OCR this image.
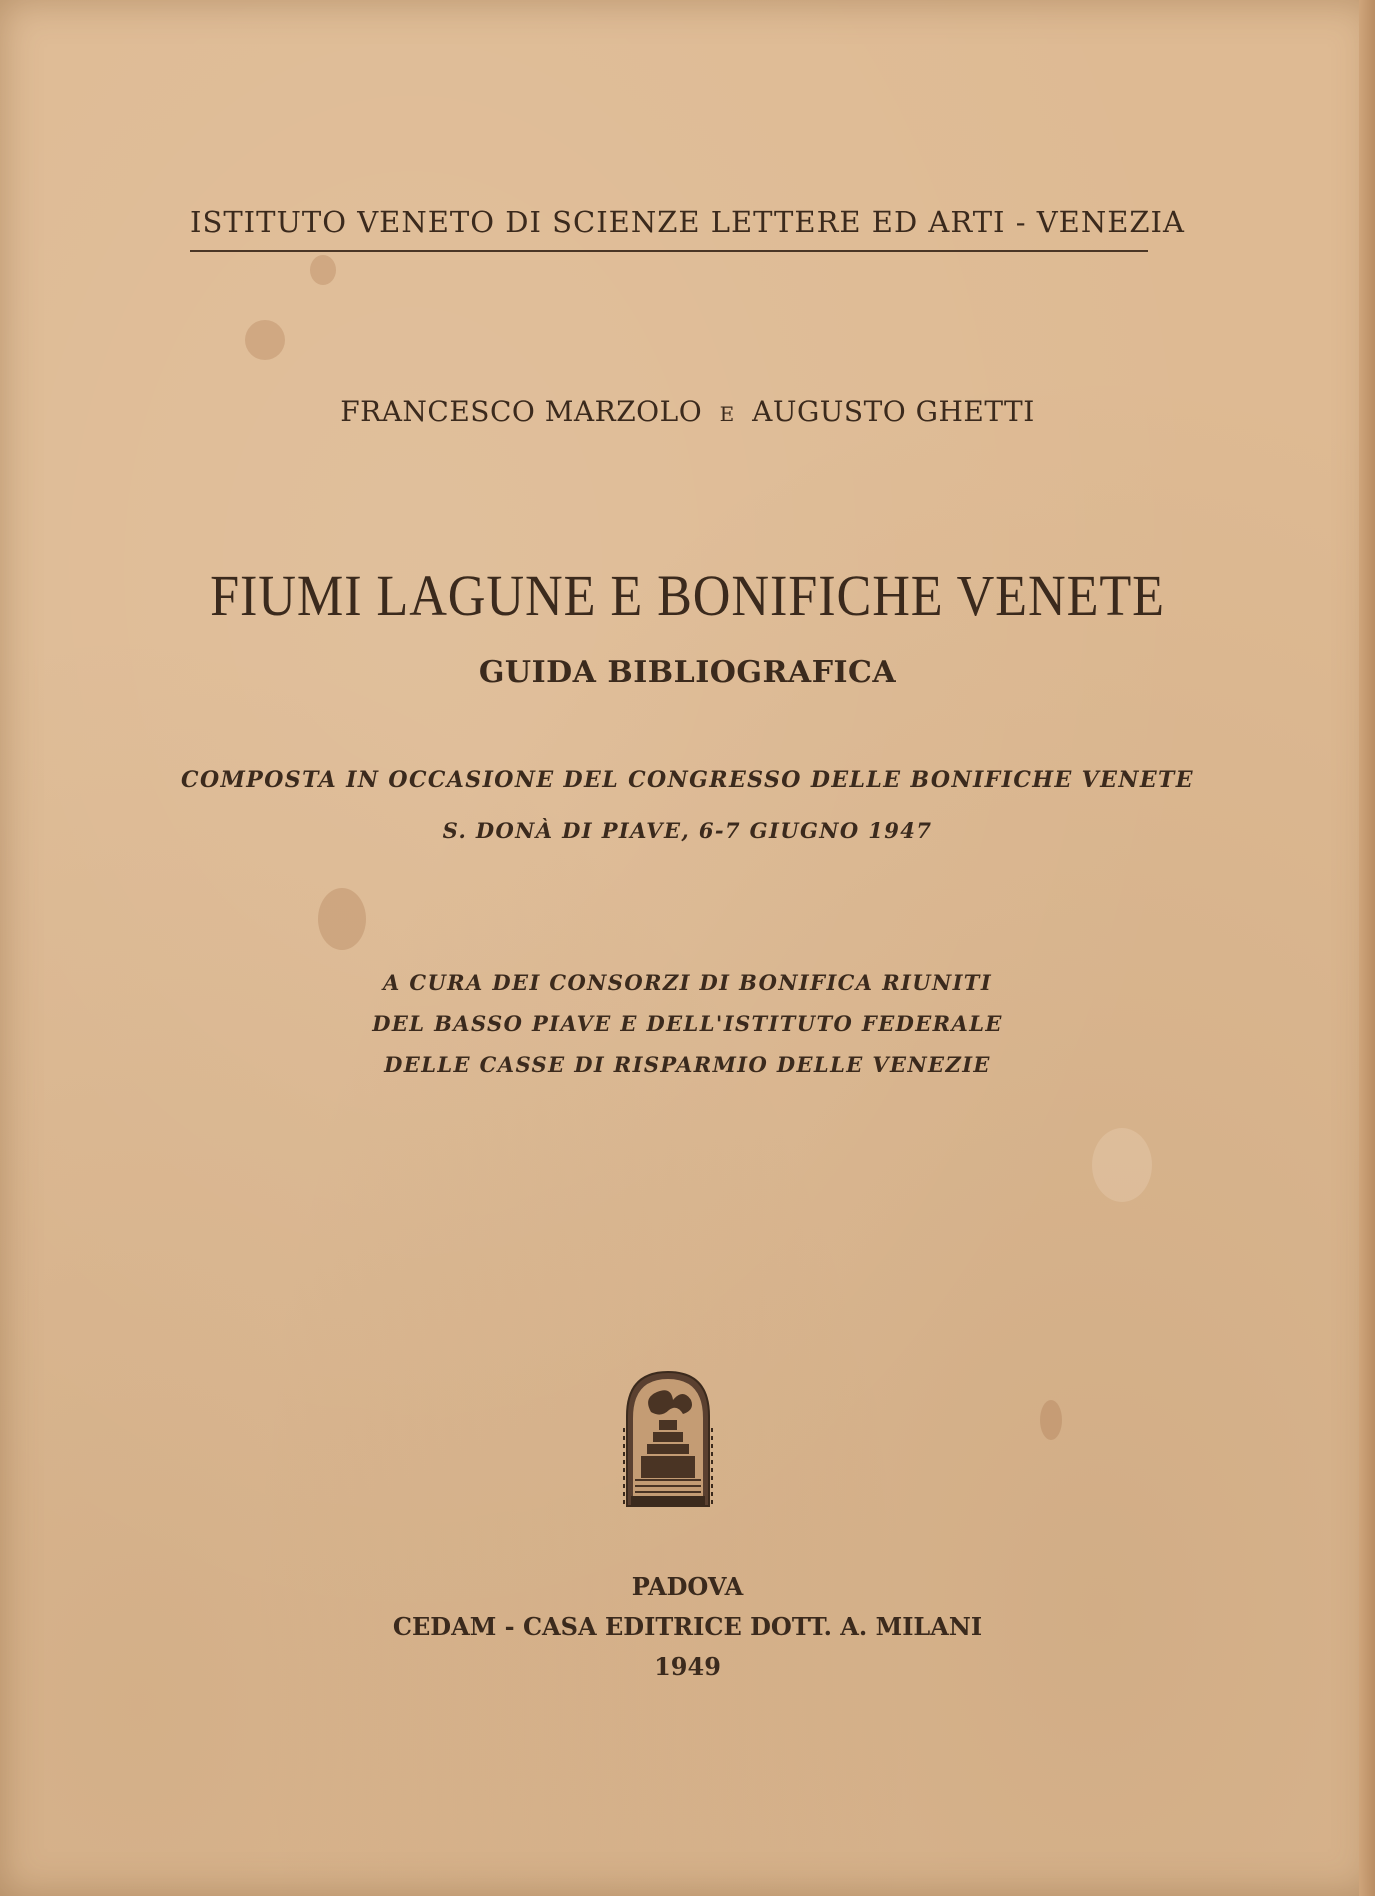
ISTITUTO VENETO DI SCIENZE LETTERE ED ARTI - VENEZIA
FRANCESCO MARZOLO E AUGUSTO GHETTI
FIUMI LAGUNE E BONIFICHE VENETE
GUIDA BIBLIOGRAFICA
COMPOSTA IN OCCASIONE DEL CONGRESSO DELLE BONIFICHE VENETE
S. DONÀ DI PIAVE, 6-7 GIUGNO 1947
A CURA DEI CONSORZI DI BONIFICA RIUNITI
DEL BASSO PIAVE E DELL'ISTITUTO FEDERALE
DELLE CASSE DI RISPARMIO DELLE VENEZIE
PADOVA
CEDAM - CASA EDITRICE DOTT. A. MILANI
1949
